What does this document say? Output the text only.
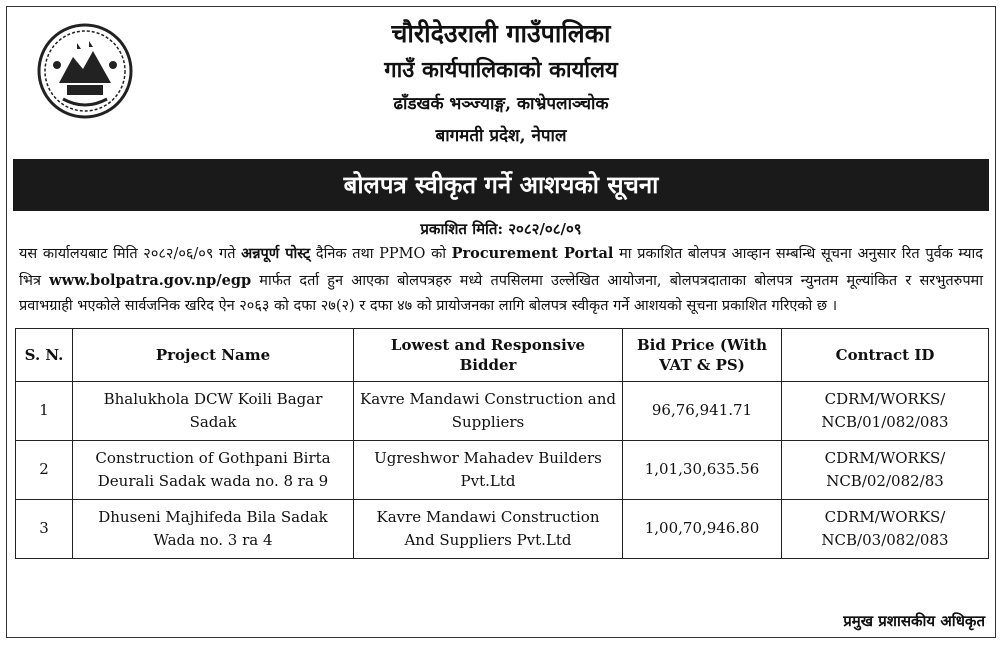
चौरीदेउराली गाउँपालिका
गाउँ कार्यपालिकाको कार्यालय
ढाँडखर्क भञ्ज्याङ्ग, काभ्रेपलाञ्चोक
बागमती प्रदेश, नेपाल
बोलपत्र स्वीकृत गर्ने आशयको सूचना
प्रकाशित मिति: २०८२/०८/०९
यस कार्यालयबाट मिति २०८२/०६/०९ गते अन्नपूर्ण पोस्ट् दैनिक तथा PPMO को Procurement Portal मा प्रकाशित बोलपत्र आव्हान सम्बन्धि सूचना अनुसार रित पुर्वक म्याद भित्र www.bolpatra.gov.np/egp मार्फत दर्ता हुन आएका बोलपत्रहरु मध्ये तपसिलमा उल्लेखित आयोजना, बोलपत्रदाताका बोलपत्र न्युनतम मूल्यांकित र सरभुतरुपमा प्रवाभग्राही भएकोले सार्वजनिक खरिद ऐन २०६३ को दफा २७(२) र दफा ४७ को प्रायोजनका लागि बोलपत्र स्वीकृत गर्ने आशयको सूचना प्रकाशित गरिएको छ ।
S. N.	Project Name	Lowest and Responsive Bidder	Bid Price (With VAT & PS)	Contract ID
1	Bhalukhola DCW Koili Bagar Sadak	Kavre Mandawi Construction and Suppliers	96,76,941.71	CDRM/WORKS/ NCB/01/082/083
2	Construction of Gothpani Birta Deurali Sadak wada no. 8 ra 9	Ugreshwor Mahadev Builders Pvt.Ltd	1,01,30,635.56	CDRM/WORKS/ NCB/02/082/83
3	Dhuseni Majhifeda Bila Sadak Wada no. 3 ra 4	Kavre Mandawi Construction And Suppliers Pvt.Ltd	1,00,70,946.80	CDRM/WORKS/ NCB/03/082/083
प्रमुख प्रशासकीय अधिकृत
